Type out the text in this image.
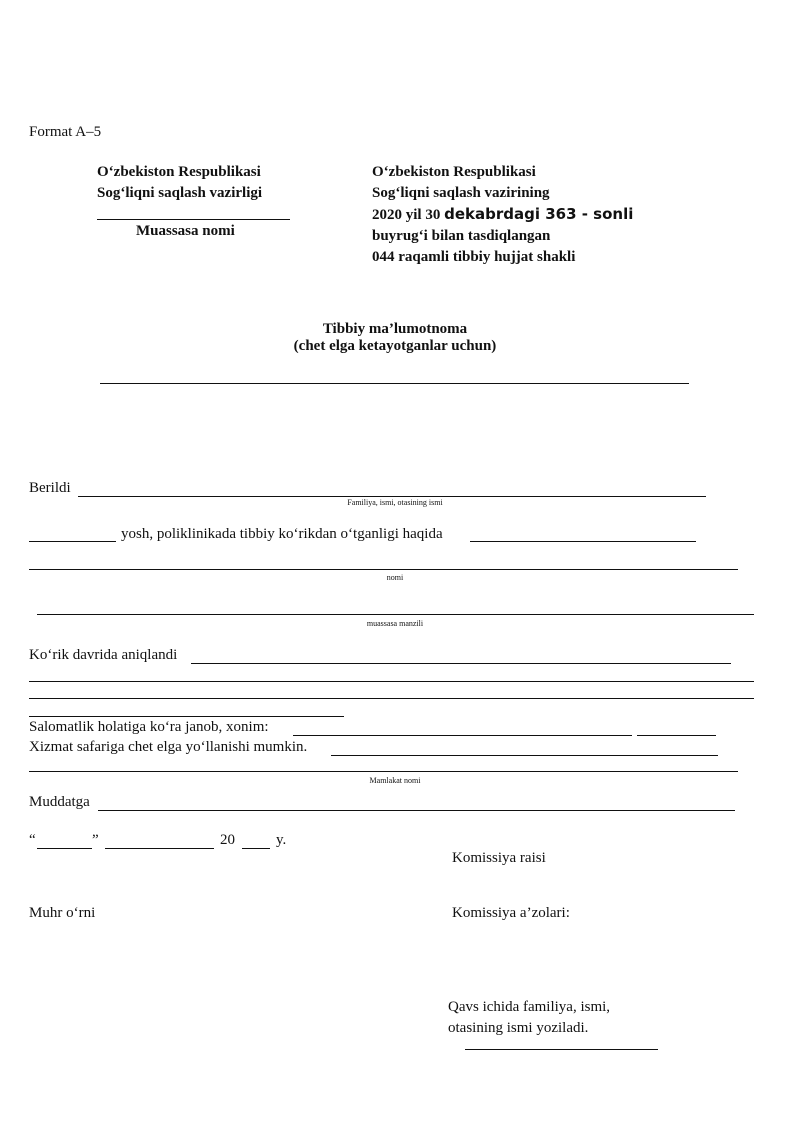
Format A–5
O‘zbekiston Respublikasi
Sog‘liqni saqlash vazirligi
Muassasa nomi
O‘zbekiston Respublikasi
Sog‘liqni saqlash vazirining
2020 yil 30 dekabrdagi 363 - sonli
buyrug‘i bilan tasdiqlangan
044 raqamli tibbiy hujjat shakli
Tibbiy ma’lumotnoma
(chet elga ketayotganlar uchun)
Berildi
Familiya, ismi, otasining ismi
yosh, poliklinikada tibbiy ko‘rikdan o‘tganligi haqida
nomi
muassasa manzili
Ko‘rik davrida aniqlandi
Salomatlik holatiga ko‘ra janob, xonim:
Xizmat safariga chet elga yo‘llanishi mumkin.
Mamlakat nomi
Muddatga
“	”	20	y.
Komissiya raisi
Muhr o‘rni	Komissiya a’zolari:
Qavs ichida familiya, ismi,
otasining ismi yoziladi.
